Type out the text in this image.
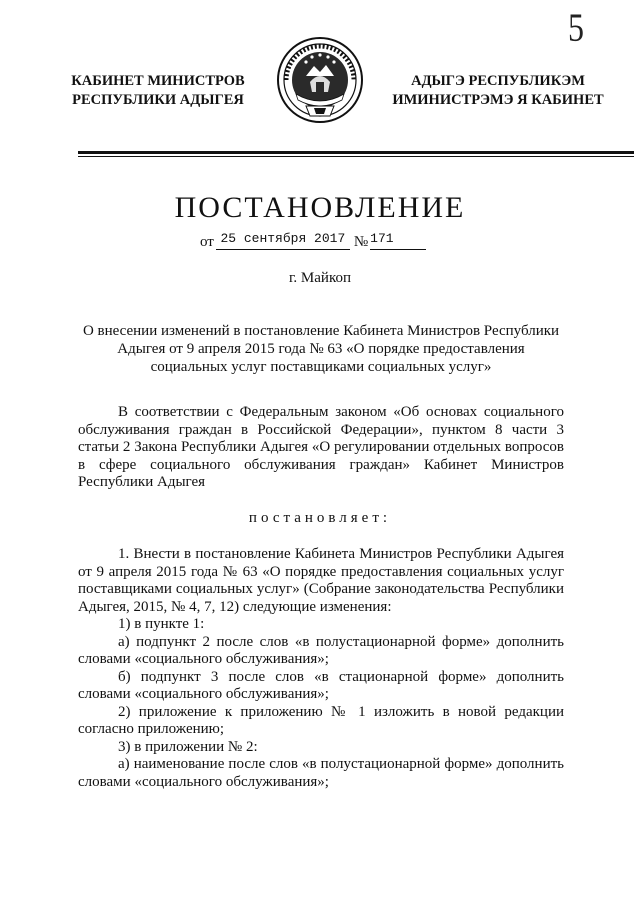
5
КАБИНЕТ МИНИСТРОВ
РЕСПУБЛИКИ АДЫГЕЯ
АДЫГЭ РЕСПУБЛИКЭМ
ИМИНИСТРЭМЭ Я КАБИНЕТ
ПОСТАНОВЛЕНИЕ
от 25 сентября 2017 № 171
г. Майкоп
О внесении изменений в постановление Кабинета Министров Республики Адыгея от 9 апреля 2015 года № 63 «О порядке предоставления социальных услуг поставщиками социальных услуг»
В соответствии с Федеральным законом «Об основах социального обслуживания граждан в Российской Федерации», пунктом 8 части 3 статьи 2 Закона Республики Адыгея «О регулировании отдельных вопросов в сфере социального обслуживания граждан» Кабинет Министров Республики Адыгея
постановляет:

1. Внести в постановление Кабинета Министров Республики Адыгея от 9 апреля 2015 года № 63 «О порядке предоставления социальных услуг поставщиками социальных услуг» (Собрание законодательства Республики Адыгея, 2015, № 4, 7, 12) следующие изменения:

1) в пункте 1:

а) подпункт 2 после слов «в полустационарной форме» дополнить словами «социального обслуживания»;

б) подпункт 3 после слов «в стационарной форме» дополнить словами «социального обслуживания»;

2) приложение к приложению № 1 изложить в новой редакции согласно приложению;

3) в приложении № 2:

а) наименование после слов «в полустационарной форме» дополнить словами «социального обслуживания»;
